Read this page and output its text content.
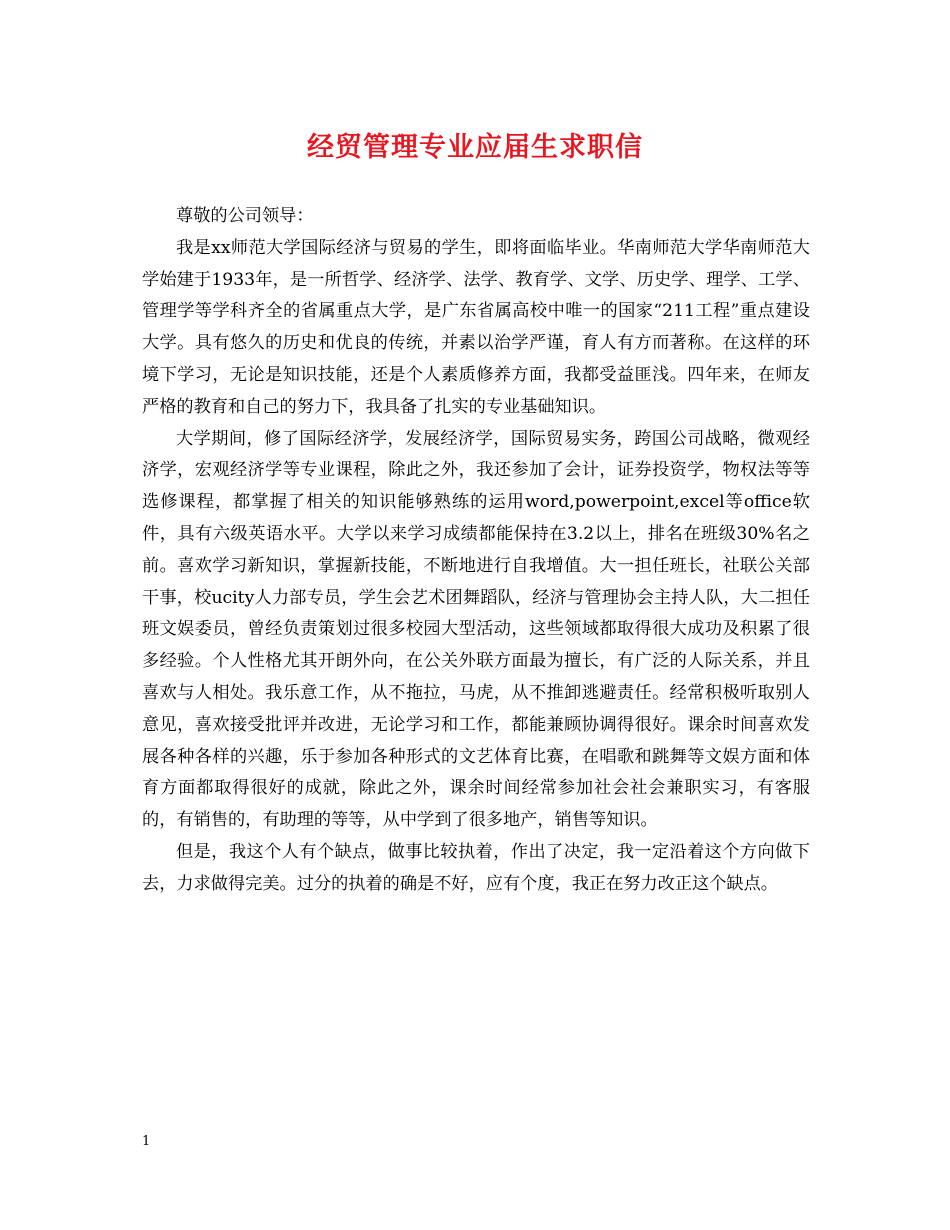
经贸管理专业应届生求职信

尊敬的公司领导：

我是xx师范大学国际经济与贸易的学生，即将面临毕业。华南师范大学华南师范大学始建于1933年，是一所哲学、经济学、法学、教育学、文学、历史学、理学、工学、管理学等学科齐全的省属重点大学，是广东省属高校中唯一的国家“211工程”重点建设大学。具有悠久的历史和优良的传统，并素以治学严谨，育人有方而著称。在这样的环境下学习，无论是知识技能，还是个人素质修养方面，我都受益匪浅。四年来，在师友严格的教育和自己的努力下，我具备了扎实的专业基础知识。

大学期间，修了国际经济学，发展经济学，国际贸易实务，跨国公司战略，微观经济学，宏观经济学等专业课程，除此之外，我还参加了会计，证券投资学，物权法等等选修课程，都掌握了相关的知识能够熟练的运用word,powerpoint,excel等office软件，具有六级英语水平。大学以来学习成绩都能保持在3.2以上，排名在班级30%名之前。喜欢学习新知识，掌握新技能，不断地进行自我增值。大一担任班长，社联公关部干事，校ucity人力部专员，学生会艺术团舞蹈队，经济与管理协会主持人队，大二担任班文娱委员，曾经负责策划过很多校园大型活动，这些领域都取得很大成功及积累了很多经验。个人性格尤其开朗外向，在公关外联方面最为擅长，有广泛的人际关系，并且喜欢与人相处。我乐意工作，从不拖拉，马虎，从不推卸逃避责任。经常积极听取别人意见，喜欢接受批评并改进，无论学习和工作，都能兼顾协调得很好。课余时间喜欢发展各种各样的兴趣，乐于参加各种形式的文艺体育比赛，在唱歌和跳舞等文娱方面和体育方面都取得很好的成就，除此之外，课余时间经常参加社会社会兼职实习，有客服的，有销售的，有助理的等等，从中学到了很多地产，销售等知识。

但是，我这个人有个缺点，做事比较执着，作出了决定，我一定沿着这个方向做下去，力求做得完美。过分的执着的确是不好，应有个度，我正在努力改正这个缺点。

1
